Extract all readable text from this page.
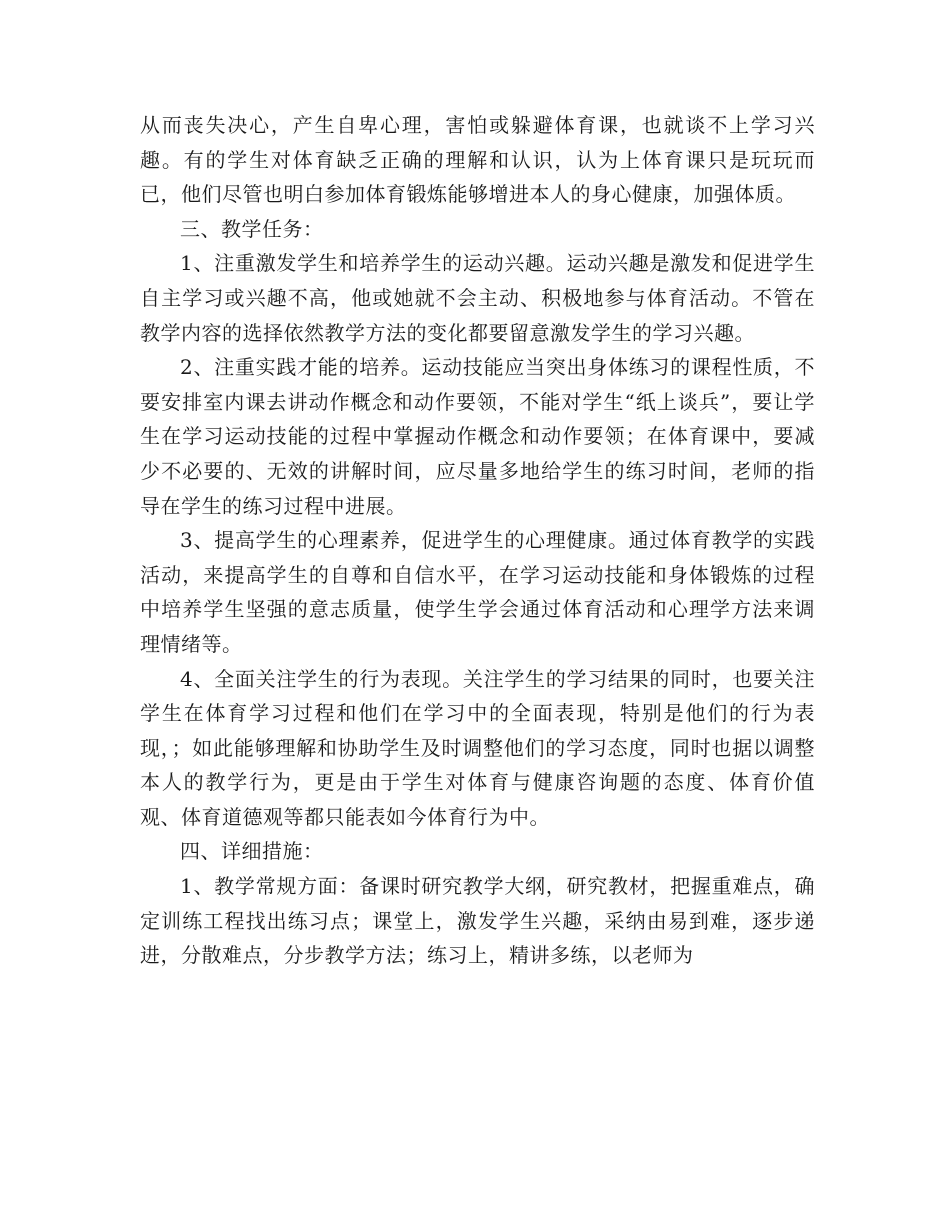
从而丧失决心，产生自卑心理，害怕或躲避体育课，也就谈不上学习兴趣。有的学生对体育缺乏正确的理解和认识，认为上体育课只是玩玩而已，他们尽管也明白参加体育锻炼能够增进本人的身心健康，加强体质。

三、教学任务：

1、注重激发学生和培养学生的运动兴趣。运动兴趣是激发和促进学生自主学习或兴趣不高，他或她就不会主动、积极地参与体育活动。不管在教学内容的选择依然教学方法的变化都要留意激发学生的学习兴趣。

2、注重实践才能的培养。运动技能应当突出身体练习的课程性质，不要安排室内课去讲动作概念和动作要领，不能对学生“纸上谈兵”，要让学生在学习运动技能的过程中掌握动作概念和动作要领；在体育课中，要减少不必要的、无效的讲解时间，应尽量多地给学生的练习时间，老师的指导在学生的练习过程中进展。

3、提高学生的心理素养，促进学生的心理健康。通过体育教学的实践活动，来提高学生的自尊和自信水平，在学习运动技能和身体锻炼的过程中培养学生坚强的意志质量，使学生学会通过体育活动和心理学方法来调理情绪等。

4、全面关注学生的行为表现。关注学生的学习结果的同时，也要关注学生在体育学习过程和他们在学习中的全面表现，特别是他们的行为表现，；如此能够理解和协助学生及时调整他们的学习态度，同时也据以调整本人的教学行为，更是由于学生对体育与健康咨询题的态度、体育价值观、体育道德观等都只能表如今体育行为中。

四、详细措施：

1、教学常规方面：备课时研究教学大纲，研究教材，把握重难点，确定训练工程找出练习点；课堂上，激发学生兴趣，采纳由易到难，逐步递进，分散难点，分步教学方法；练习上，精讲多练，以老师为
